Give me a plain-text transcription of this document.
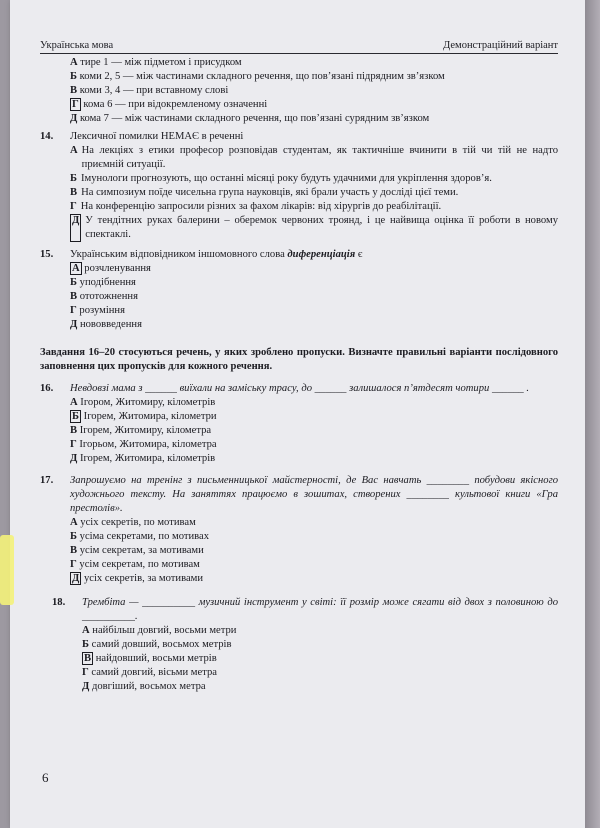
Українська мова	Демонстраційний варіант
А тире 1 — між підметом і присудком
Б коми 2, 5 — між частинами складного речення, що пов’язані підрядним зв’язком
В коми 3, 4 — при вставному слові
Г кома 6 — при відокремленому означенні
Д кома 7 — між частинами складного речення, що пов’язані сурядним зв’язком
14.	Лексичної помилки НЕМАЄ в реченні
А На лекціях з етики професор розповідав студентам, як тактичніше вчинити в тій чи тій не надто приємній ситуації.
Б Імунологи прогнозують, що останні місяці року будуть удачними для укріплення здоров’я.
В На симпозиум поїде чисельна група науковців, які брали участь у досліді цієї теми.
Г На конференцію запросили різних за фахом лікарів: від хірургів до реабілітації.
Д У тендітних руках балерини – оберемок червоних троянд, і це найвища оцінка її роботи в новому спектаклі.
15.	Українським відповідником іншомовного слова диференціація є
А розчленування
Б уподібнення
В ототожнення
Г розуміння
Д нововведення
Завдання 16–20 стосуються речень, у яких зроблено пропуски. Визначте правильні варіанти послідовного заповнення цих пропусків для кожного речення.
16.	Невдовзі мама з ______ виїхали на заміську трасу, до ______ залишалося п’ятдесят чотири ______ .
А Ігором, Житомиру, кілометрів
Б Ігорем, Житомира, кілометри
В Ігорем, Житомиру, кілометра
Г Ігорьом, Житомира, кілометра
Д Ігорем, Житомира, кілометрів
17.	Запрошуємо на тренінг з письменницької майстерності, де Вас навчать ________ побудови якісного художнього тексту. На заняттях працюємо в зошитах, створених ________ культової книги «Гра престолів».
А усіх секретів, по мотивам
Б усіма секретами, по мотивах
В усім секретам, за мотивами
Г усім секретам, по мотивам
Д усіх секретів, за мотивами
18.	Трембіта — __________ музичний інструмент у світі: її розмір може сягати від двох з половиною до __________.
А найбільш довгий, восьми метри
Б самий довший, восьмох метрів
В найдовший, восьми метрів
Г самий довгий, вісьми метра
Д довгіший, восьмох метра
6
